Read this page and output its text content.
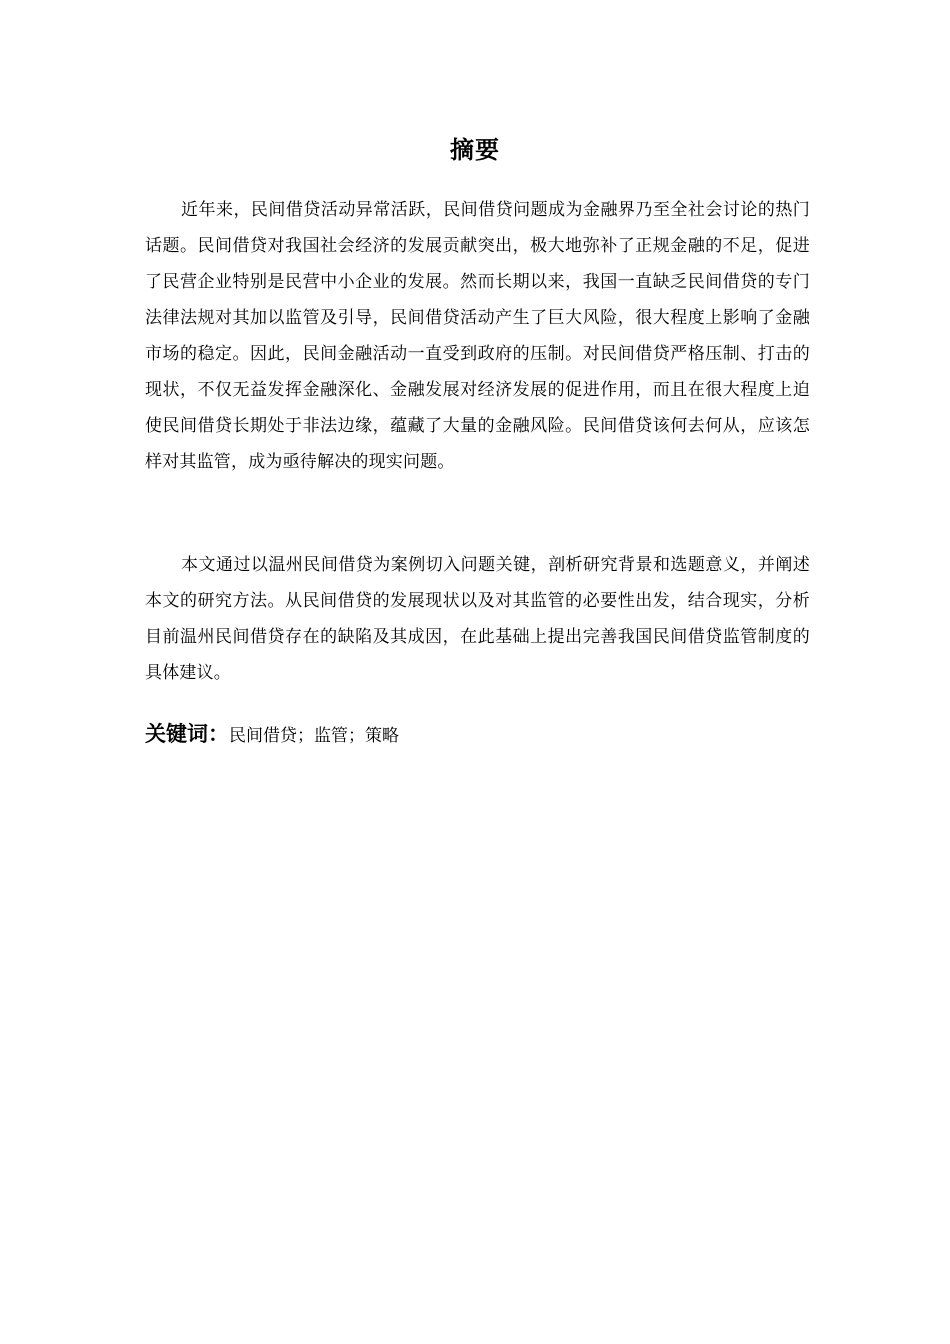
摘要

近年来，民间借贷活动异常活跃，民间借贷问题成为金融界乃至全社会讨论的热门话题。民间借贷对我国社会经济的发展贡献突出，极大地弥补了正规金融的不足，促进了民营企业特别是民营中小企业的发展。然而长期以来，我国一直缺乏民间借贷的专门法律法规对其加以监管及引导，民间借贷活动产生了巨大风险，很大程度上影响了金融市场的稳定。因此，民间金融活动一直受到政府的压制。对民间借贷严格压制、打击的现状，不仅无益发挥金融深化、金融发展对经济发展的促进作用，而且在很大程度上迫使民间借贷长期处于非法边缘，蕴藏了大量的金融风险。民间借贷该何去何从，应该怎样对其监管，成为亟待解决的现实问题。

本文通过以温州民间借贷为案例切入问题关键，剖析研究背景和选题意义，并阐述本文的研究方法。从民间借贷的发展现状以及对其监管的必要性出发，结合现实，分析目前温州民间借贷存在的缺陷及其成因，在此基础上提出完善我国民间借贷监管制度的具体建议。

关键词：民间借贷；监管；策略
